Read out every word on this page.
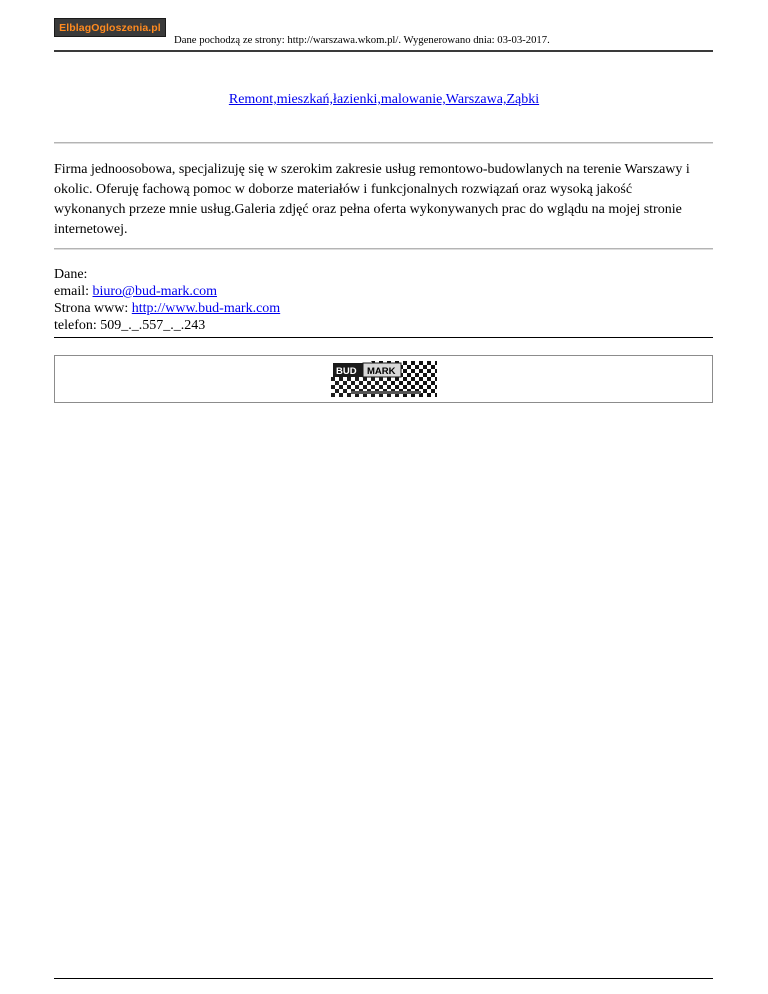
ElblagOgloszenia.pl
Dane pochodzą ze strony: http://warszawa.wkom.pl/. Wygenerowano dnia: 03-03-2017.
Remont,mieszkań,łazienki,malowanie,Warszawa,Ząbki

Firma jednoosobowa, specjalizuję się w szerokim zakresie usług remontowo-budowlanych na terenie Warszawy i okolic. Oferuję fachową pomoc w doborze materiałów i funkcjonalnych rozwiązań oraz wysoką jakość wykonanych przeze mnie usług.Galeria zdjęć oraz pełna oferta wykonywanych prac do wglądu na mojej stronie internetowej.

Dane:
email: biuro@bud-mark.com
Strona www: http://www.bud-mark.com
telefon: 509_._.557_._.243
BUD MARK
